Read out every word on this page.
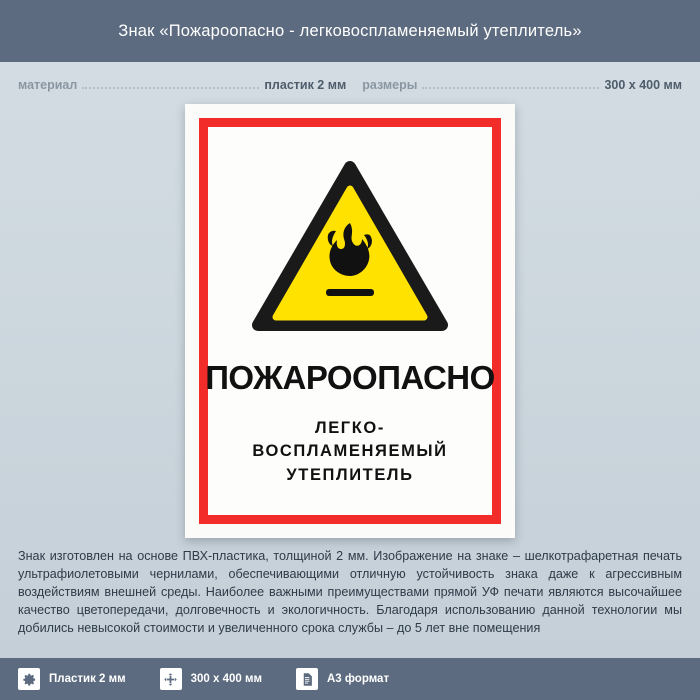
Знак «Пожароопасно - легковоспламеняемый утеплитель»
материал	пластик 2 мм размеры	300 x 400 мм
ПОЖАРООПАСНО
ЛЕГКО-
ВОСПЛАМЕНЯЕМЫЙ
УТЕПЛИТЕЛЬ
Знак изготовлен на основе ПВХ-пластика, толщиной 2 мм. Изображение на знаке – шелкотрафаретная печать ультрафиолетовыми чернилами, обеспечивающими отличную устойчивость знака даже к агрессивным воздействиям внешней среды. Наиболее важными преимуществами прямой УФ печати являются высочайшее качество цветопередачи, долговечность и экологичность. Благодаря использованию данной технологии мы добились невысокой стоимости и увеличенного срока службы – до 5 лет вне помещения
Пластик 2 мм	300 x 400 мм	A3 формат
